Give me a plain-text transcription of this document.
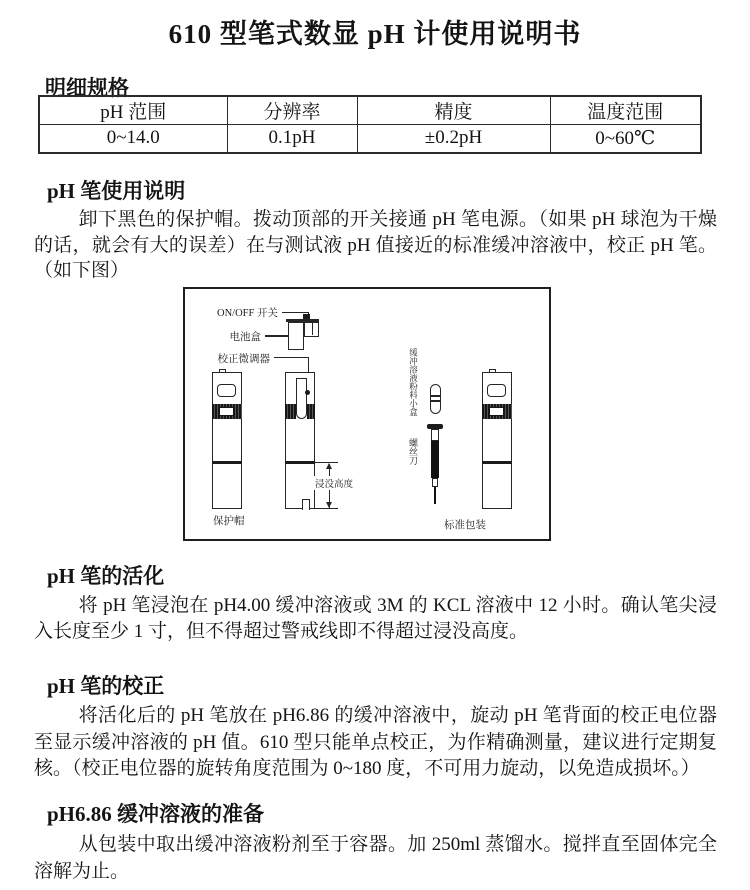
610 型笔式数显 pH 计使用说明书
明细规格
pH 范围	分辨率	精度	温度范围
0~14.0	0.1pH	±0.2pH	0~60℃
pH 笔使用说明

卸下黑色的保护帽。拨动顶部的开关接通 pH 笔电源。（如果 pH 球泡为干燥的话，就会有大的误差）在与测试液 pH 值接近的标准缓冲溶液中，校正 pH 笔。（如下图）

ON/OFF 开关
电池盒
校正微调器
浸没高度
缓冲溶液粉料小盒
螺丝刀
保护帽	标准包装
pH 笔的活化

将 pH 笔浸泡在 pH4.00 缓冲溶液或 3M 的 KCL 溶液中 12 小时。确认笔尖浸入长度至少 1 寸，但不得超过警戒线即不得超过浸没高度。

pH 笔的校正

将活化后的 pH 笔放在 pH6.86 的缓冲溶液中，旋动 pH 笔背面的校正电位器至显示缓冲溶液的 pH 值。610 型只能单点校正，为作精确测量，建议进行定期复核。（校正电位器的旋转角度范围为 0~180 度，不可用力旋动，以免造成损坏。）

pH6.86 缓冲溶液的准备

从包装中取出缓冲溶液粉剂至于容器。加 250ml 蒸馏水。搅拌直至固体完全溶解为止。
